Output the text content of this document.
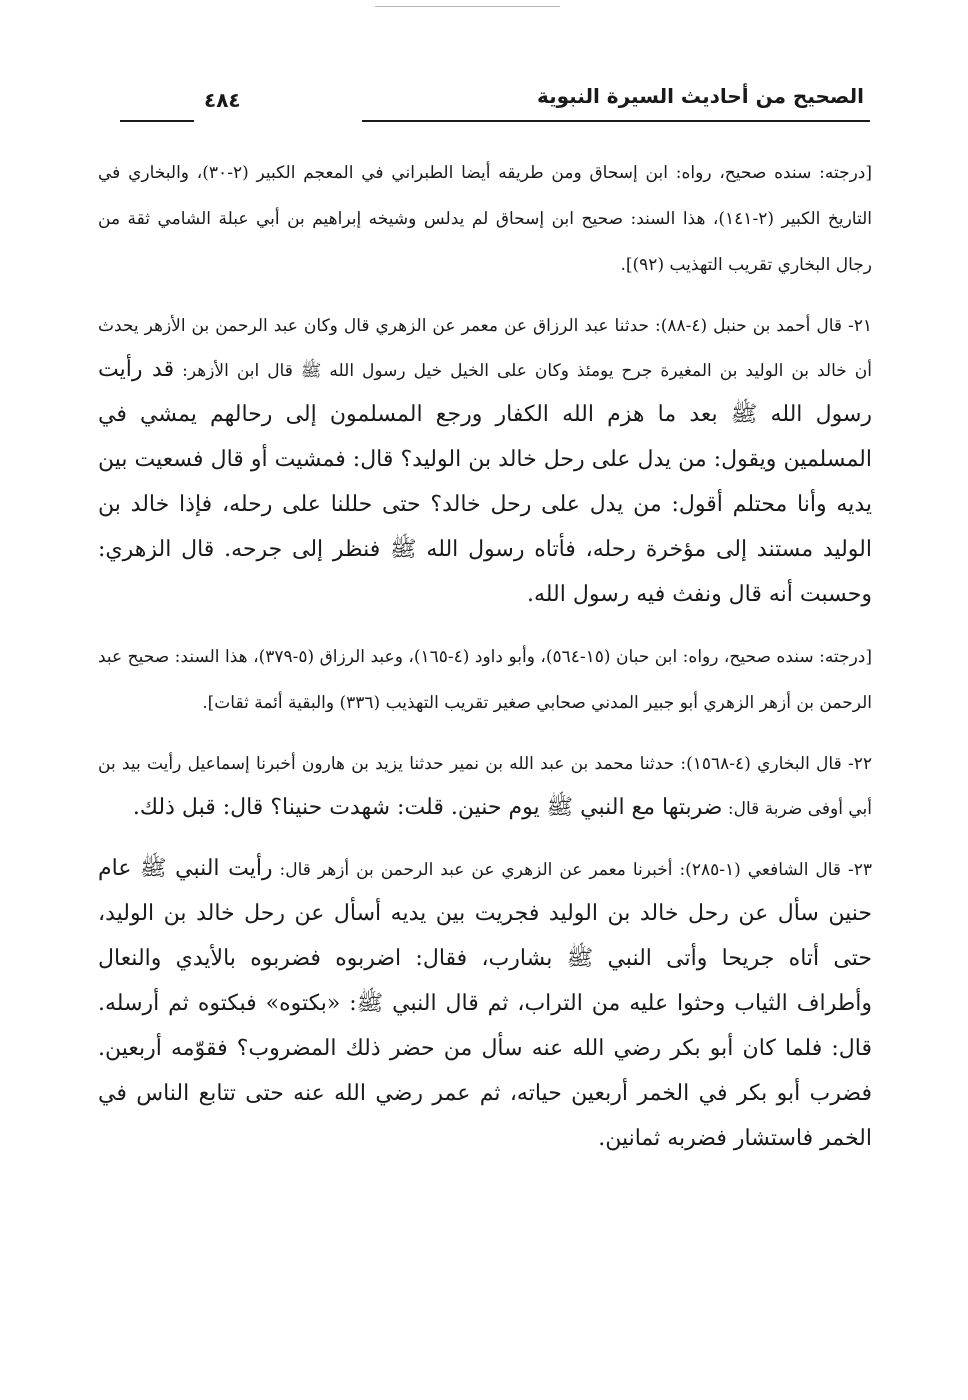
الصحيح من أحاديث السيرة النبوية
٤٨٤

[درجته: سنده صحيح، رواه: ابن إسحاق ومن طريقه أيضا الطبراني في المعجم الكبير (٢-٣٠)، والبخاري في التاريخ الكبير (٢-١٤١)، هذا السند: صحيح ابن إسحاق لم يدلس وشيخه إبراهيم بن أبي عبلة الشامي ثقة من رجال البخاري تقريب التهذيب (٩٢)].

٢١- قال أحمد بن حنبل (٤-٨٨): حدثنا عبد الرزاق عن معمر عن الزهري قال وكان عبد الرحمن بن الأزهر يحدث أن خالد بن الوليد بن المغيرة جرح يومئذ وكان على الخيل خيل رسول الله ﷺ قال ابن الأزهر: قد رأيت رسول الله ﷺ بعد ما هزم الله الكفار ورجع المسلمون إلى رحالهم يمشي في المسلمين ويقول: من يدل على رحل خالد بن الوليد؟ قال: فمشيت أو قال فسعيت بين يديه وأنا محتلم أقول: من يدل على رحل خالد؟ حتى حللنا على رحله، فإذا خالد بن الوليد مستند إلى مؤخرة رحله، فأتاه رسول الله ﷺ فنظر إلى جرحه. قال الزهري: وحسبت أنه قال ونفث فيه رسول الله.

[درجته: سنده صحيح، رواه: ابن حبان (١٥-٥٦٤)، وأبو داود (٤-١٦٥)، وعبد الرزاق (٥-٣٧٩)، هذا السند: صحيح عبد الرحمن بن أزهر الزهري أبو جبير المدني صحابي صغير تقريب التهذيب (٣٣٦) والبقية أئمة ثقات].

٢٢- قال البخاري (٤-١٥٦٨): حدثنا محمد بن عبد الله بن نمير حدثنا يزيد بن هارون أخبرنا إسماعيل رأيت بيد بن أبي أوفى ضربة قال: ضربتها مع النبي ﷺ يوم حنين. قلت: شهدت حنينا؟ قال: قبل ذلك.

٢٣- قال الشافعي (١-٢٨٥): أخبرنا معمر عن الزهري عن عبد الرحمن بن أزهر قال: رأيت النبي ﷺ عام حنين سأل عن رحل خالد بن الوليد فجريت بين يديه أسأل عن رحل خالد بن الوليد، حتى أتاه جريحا وأتى النبي ﷺ بشارب، فقال: اضربوه فضربوه بالأيدي والنعال وأطراف الثياب وحثوا عليه من التراب، ثم قال النبي ﷺ: «بكتوه» فبكتوه ثم أرسله. قال: فلما كان أبو بكر رضي الله عنه سأل من حضر ذلك المضروب؟ فقوّمه أربعين. فضرب أبو بكر في الخمر أربعين حياته، ثم عمر رضي الله عنه حتى تتابع الناس في الخمر فاستشار فضربه ثمانين.
